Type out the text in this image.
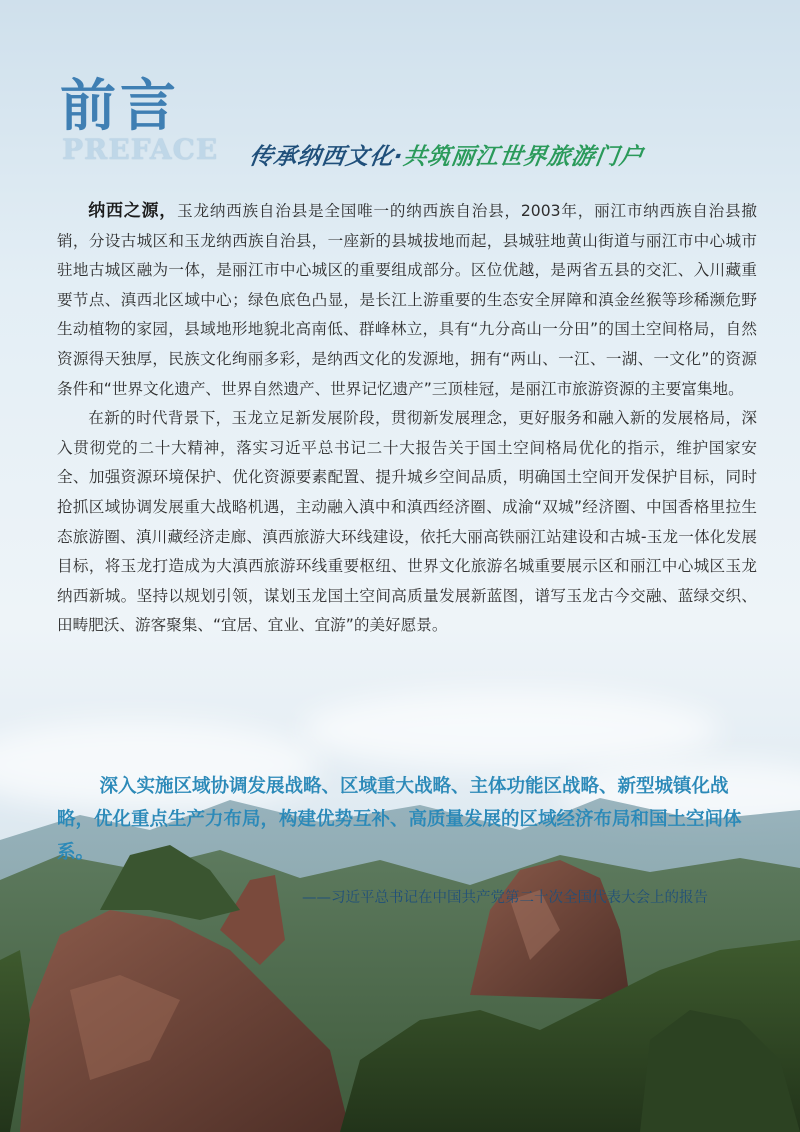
前言
PREFACE 传承纳西文化·共筑丽江世界旅游门户

纳西之源，玉龙纳西族自治县是全国唯一的纳西族自治县，2003年，丽江市纳西族自治县撤销，分设古城区和玉龙纳西族自治县，一座新的县城拔地而起，县城驻地黄山街道与丽江市中心城市驻地古城区融为一体，是丽江市中心城区的重要组成部分。区位优越，是两省五县的交汇、入川藏重要节点、滇西北区域中心；绿色底色凸显，是长江上游重要的生态安全屏障和滇金丝猴等珍稀濒危野生动植物的家园，县域地形地貌北高南低、群峰林立，具有“九分高山一分田”的国土空间格局，自然资源得天独厚，民族文化绚丽多彩，是纳西文化的发源地，拥有“两山、一江、一湖、一文化”的资源条件和“世界文化遗产、世界自然遗产、世界记忆遗产”三顶桂冠，是丽江市旅游资源的主要富集地。

在新的时代背景下，玉龙立足新发展阶段，贯彻新发展理念，更好服务和融入新的发展格局，深入贯彻党的二十大精神，落实习近平总书记二十大报告关于国土空间格局优化的指示，维护国家安全、加强资源环境保护、优化资源要素配置、提升城乡空间品质，明确国土空间开发保护目标，同时抢抓区域协调发展重大战略机遇，主动融入滇中和滇西经济圈、成渝“双城”经济圈、中国香格里拉生态旅游圈、滇川藏经济走廊、滇西旅游大环线建设，依托大丽高铁丽江站建设和古城-玉龙一体化发展目标，将玉龙打造成为大滇西旅游环线重要枢纽、世界文化旅游名城重要展示区和丽江中心城区玉龙纳西新城。坚持以规划引领，谋划玉龙国土空间高质量发展新蓝图，谱写玉龙古今交融、蓝绿交织、田畴肥沃、游客聚集、“宜居、宜业、宜游”的美好愿景。

深入实施区域协调发展战略、区域重大战略、主体功能区战略、新型城镇化战略，优化重点生产力布局，构建优势互补、高质量发展的区域经济布局和国土空间体系。

——习近平总书记在中国共产党第二十次全国代表大会上的报告
